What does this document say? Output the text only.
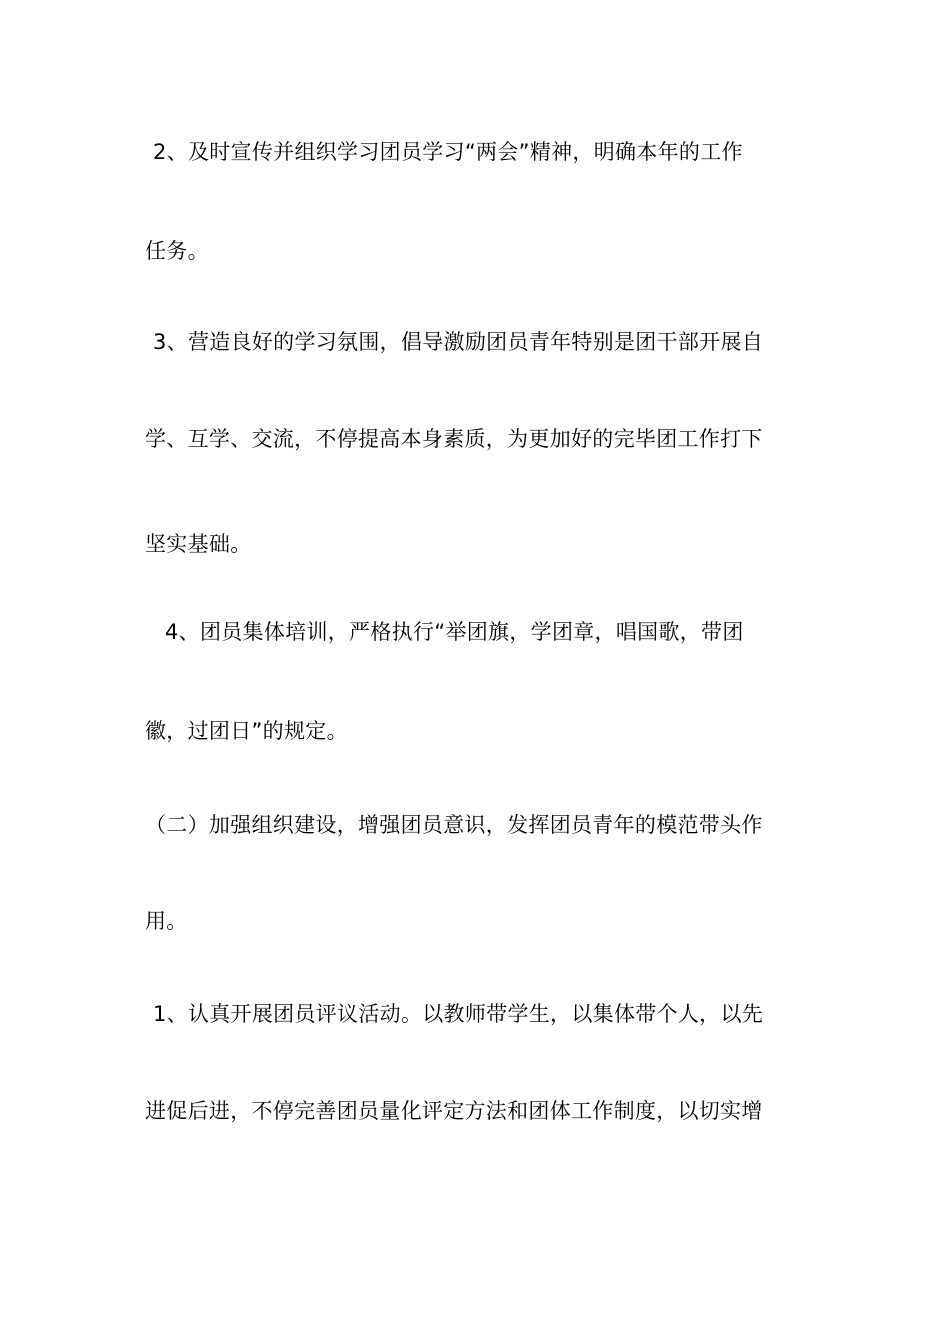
2、及时宣传并组织学习团员学习“两会”精神，明确本年的工作
任务。
3、营造良好的学习氛围，倡导激励团员青年特别是团干部开展自
学、互学、交流，不停提高本身素质，为更加好的完毕团工作打下
坚实基础。
4、团员集体培训，严格执行“举团旗，学团章，唱国歌，带团
徽，过团日”的规定。
（二）加强组织建设，增强团员意识，发挥团员青年的模范带头作
用。
1、认真开展团员评议活动。以教师带学生，以集体带个人，以先
进促后进，不停完善团员量化评定方法和团体工作制度，以切实增
